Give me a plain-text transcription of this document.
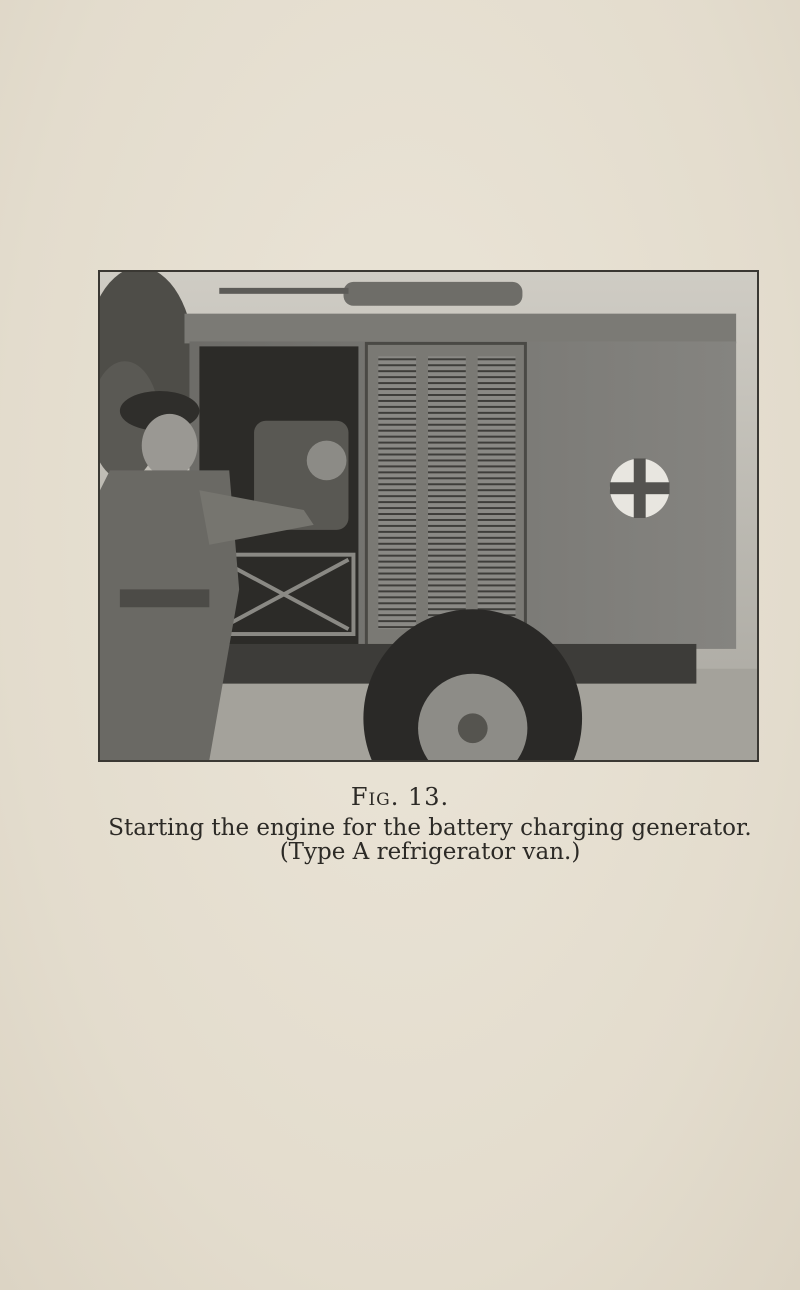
Fig. 13.
Starting the engine for the battery charging generator. (Type A refrigerator van.)
